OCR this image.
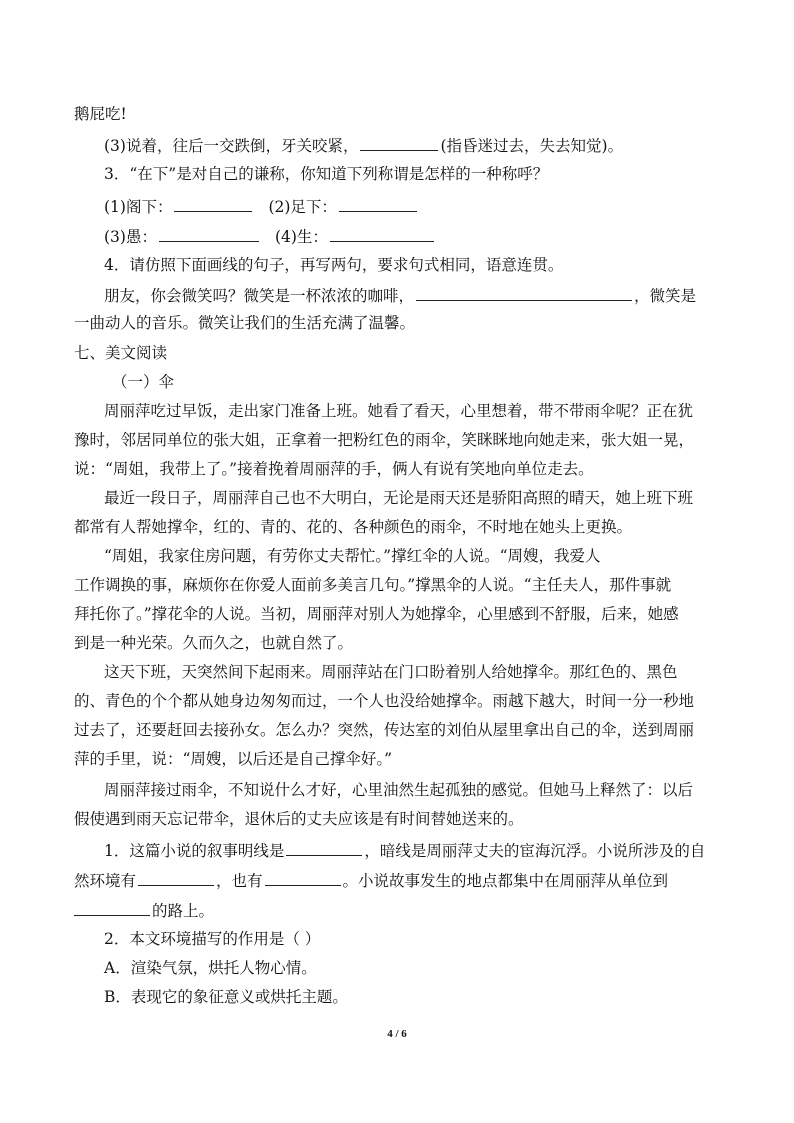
鹅屁吃!
(3)说着，往后一交跌倒，牙关咬紧，	(指昏迷过去，失去知觉)。
3．“在下”是对自己的谦称，你知道下列称谓是怎样的一种称呼？
(1)阁下：	(2)足下：
(3)愚：	(4)生：
4．请仿照下面画线的句子，再写两句，要求句式相同，语意连贯。
朋友，你会微笑吗？微笑是一杯浓浓的咖啡，	，微笑是
一曲动人的音乐。微笑让我们的生活充满了温馨。
七、美文阅读
（一）伞
周丽萍吃过早饭，走出家门准备上班。她看了看天，心里想着，带不带雨伞呢？正在犹
豫时，邻居同单位的张大姐，正拿着一把粉红色的雨伞，笑眯眯地向她走来，张大姐一晃，
说：“周姐，我带上了。”接着挽着周丽萍的手，俩人有说有笑地向单位走去。
最近一段日子，周丽萍自己也不大明白，无论是雨天还是骄阳高照的晴天，她上班下班
都常有人帮她撑伞，红的、青的、花的、各种颜色的雨伞，不时地在她头上更换。
“周姐，我家住房问题，有劳你丈夫帮忙。”撑红伞的人说。“周嫂，我爱人
工作调换的事，麻烦你在你爱人面前多美言几句。”撑黑伞的人说。“主任夫人，那件事就
拜托你了。”撑花伞的人说。当初，周丽萍对别人为她撑伞，心里感到不舒服，后来，她感
到是一种光荣。久而久之，也就自然了。
这天下班，天突然间下起雨来。周丽萍站在门口盼着别人给她撑伞。那红色的、黑色
的、青色的个个都从她身边匆匆而过，一个人也没给她撑伞。雨越下越大，时间一分一秒地
过去了，还要赶回去接孙女。怎么办？突然，传达室的刘伯从屋里拿出自己的伞，送到周丽
萍的手里，说：“周嫂，以后还是自己撑伞好。”
周丽萍接过雨伞，不知说什么才好，心里油然生起孤独的感觉。但她马上释然了：以后
假使遇到雨天忘记带伞，退休后的丈夫应该是有时间替她送来的。
1．这篇小说的叙事明线是	，暗线是周丽萍丈夫的宦海沉浮。小说所涉及的自
然环境有	，也有	。小说故事发生的地点都集中在周丽萍从单位到
的路上。
2．本文环境描写的作用是（ ）
A．渲染气氛，烘托人物心情。
B．表现它的象征意义或烘托主题。
4 / 6
